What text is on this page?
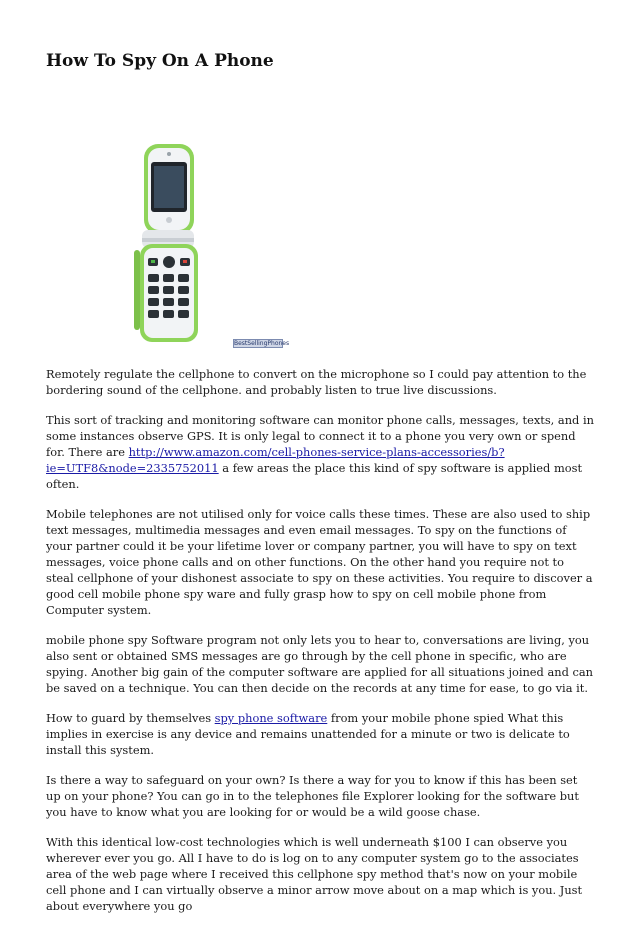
How To Spy On A Phone
BestSellingPhones

Remotely regulate the cellphone to convert on the microphone so I could pay attention to the bordering sound of the cellphone. and probably listen to true live discussions.

This sort of tracking and monitoring software can monitor phone calls, messages, texts, and in some instances observe GPS. It is only legal to connect it to a phone you very own or spend for. There are http://www.amazon.com/cell-phones-service-plans-accessories/b?ie=UTF8&node=2335752011 a few areas the place this kind of spy software is applied most often.

Mobile telephones are not utilised only for voice calls these times. These are also used to ship text messages, multimedia messages and even email messages. To spy on the functions of your partner could it be your lifetime lover or company partner, you will have to spy on text messages, voice phone calls and on other functions. On the other hand you require not to steal cellphone of your dishonest associate to spy on these activities. You require to discover a good cell mobile phone spy ware and fully grasp how to spy on cell mobile phone from Computer system.

mobile phone spy Software program not only lets you to hear to, conversations are living, you also sent or obtained SMS messages are go through by the cell phone in specific, who are spying. Another big gain of the computer software are applied for all situations joined and can be saved on a technique. You can then decide on the records at any time for ease, to go via it.

How to guard by themselves spy phone software from your mobile phone spied What this implies in exercise is any device and remains unattended for a minute or two is delicate to install this system.

Is there a way to safeguard on your own? Is there a way for you to know if this has been set up on your phone? You can go in to the telephones file Explorer looking for the software but you have to know what you are looking for or would be a wild goose chase.

With this identical low-cost technologies which is well underneath $100 I can observe you wherever ever you go. All I have to do is log on to any computer system go to the associates area of the web page where I received this cellphone spy method that's now on your mobile cell phone and I can virtually observe a minor arrow move about on a map which is you. Just about everywhere you go
